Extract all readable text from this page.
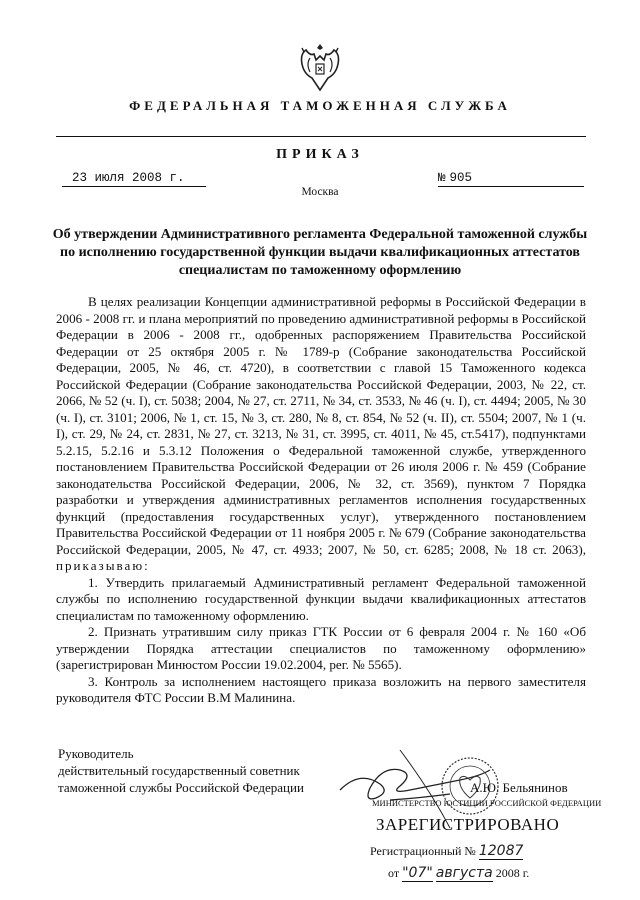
ФЕДЕРАЛЬНАЯ ТАМОЖЕННАЯ СЛУЖБА
ПРИКАЗ
23 июля 2008 г.	№ 905
Москва
Об утверждении Административного регламента Федеральной таможенной службы по исполнению государственной функции выдачи квалификационных аттестатов специалистам по таможенному оформлению

В целях реализации Концепции административной реформы в Российской Федерации в 2006 - 2008 гг. и плана мероприятий по проведению административной реформы в Российской Федерации в 2006 - 2008 гг., одобренных распоряжением Правительства Российской Федерации от 25 октября 2005 г. № 1789-р (Собрание законодательства Российской Федерации, 2005, № 46, ст. 4720), в соответствии с главой 15 Таможенного кодекса Российской Федерации (Собрание законодательства Российской Федерации, 2003, № 22, ст. 2066, № 52 (ч. I), ст. 5038; 2004, № 27, ст. 2711, № 34, ст. 3533, № 46 (ч. I), ст. 4494; 2005, № 30 (ч. I), ст. 3101; 2006, № 1, ст. 15, № 3, ст. 280, № 8, ст. 854, № 52 (ч. II), ст. 5504; 2007, № 1 (ч. I), ст. 29, № 24, ст. 2831, № 27, ст. 3213, № 31, ст. 3995, ст. 4011, № 45, ст.5417), подпунктами 5.2.15, 5.2.16 и 5.3.12 Положения о Федеральной таможенной службе, утвержденного постановлением Правительства Российской Федерации от 26 июля 2006 г. № 459 (Собрание законодательства Российской Федерации, 2006, № 32, ст. 3569), пунктом 7 Порядка разработки и утверждения административных регламентов исполнения государственных функций (предоставления государственных услуг), утвержденного постановлением Правительства Российской Федерации от 11 ноября 2005 г. № 679 (Собрание законодательства Российской Федерации, 2005, № 47, ст. 4933; 2007, № 50, ст. 6285; 2008, № 18 ст. 2063), приказываю:

1. Утвердить прилагаемый Административный регламент Федеральной таможенной службы по исполнению государственной функции выдачи квалификационных аттестатов специалистам по таможенному оформлению.

2. Признать утратившим силу приказ ГТК России от 6 февраля 2004 г. № 160 «Об утверждении Порядка аттестации специалистов по таможенному оформлению» (зарегистрирован Минюстом России 19.02.2004, рег. № 5565).

3. Контроль за исполнением настоящего приказа возложить на первого заместителя руководителя ФТС России В.М Малинина.

Руководитель
действительный государственный советник
таможенной службы Российской Федерации	А.Ю. Бельянинов
МИНИСТЕРСТВО ЮСТИЦИИ РОССИЙСКОЙ ФЕДЕРАЦИИ
ЗАРЕГИСТРИРОВАНО
Регистрационный № 12087
от "07" августа 2008 г.
